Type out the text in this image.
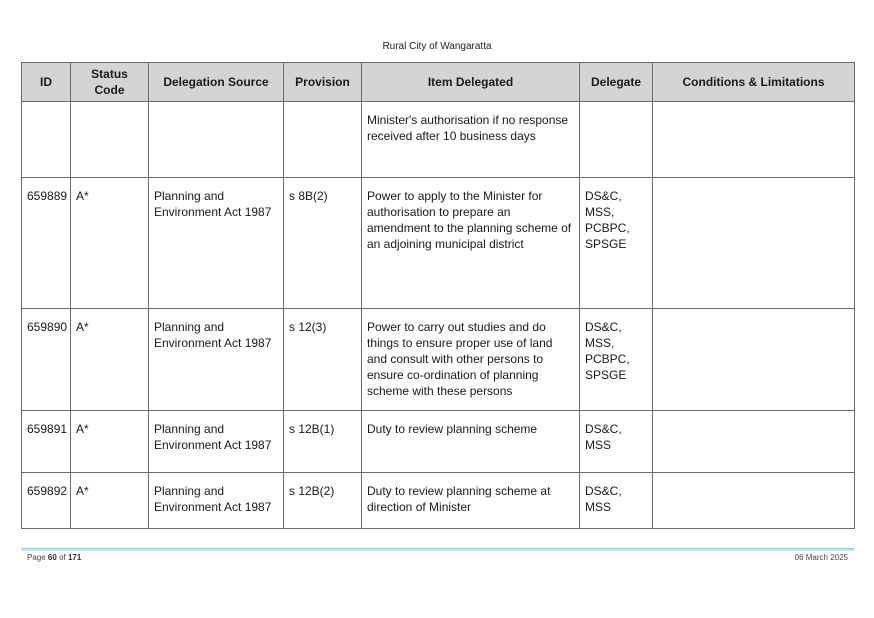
Rural City of Wangaratta
ID	Status Code	Delegation Source	Provision	Item Delegated	Delegate	Conditions & Limitations
				Minister's authorisation if no response received after 10 business days		
659889	A*	Planning and Environment Act 1987	s 8B(2)	Power to apply to the Minister for authorisation to prepare an amendment to the planning scheme of an adjoining municipal district	DS&C, MSS, PCBPC, SPSGE	
659890	A*	Planning and Environment Act 1987	s 12(3)	Power to carry out studies and do things to ensure proper use of land and consult with other persons to ensure co-ordination of planning scheme with these persons	DS&C, MSS, PCBPC, SPSGE	
659891	A*	Planning and Environment Act 1987	s 12B(1)	Duty to review planning scheme	DS&C, MSS	
659892	A*	Planning and Environment Act 1987	s 12B(2)	Duty to review planning scheme at direction of Minister	DS&C, MSS	
Page 60 of 171	06 March 2025
